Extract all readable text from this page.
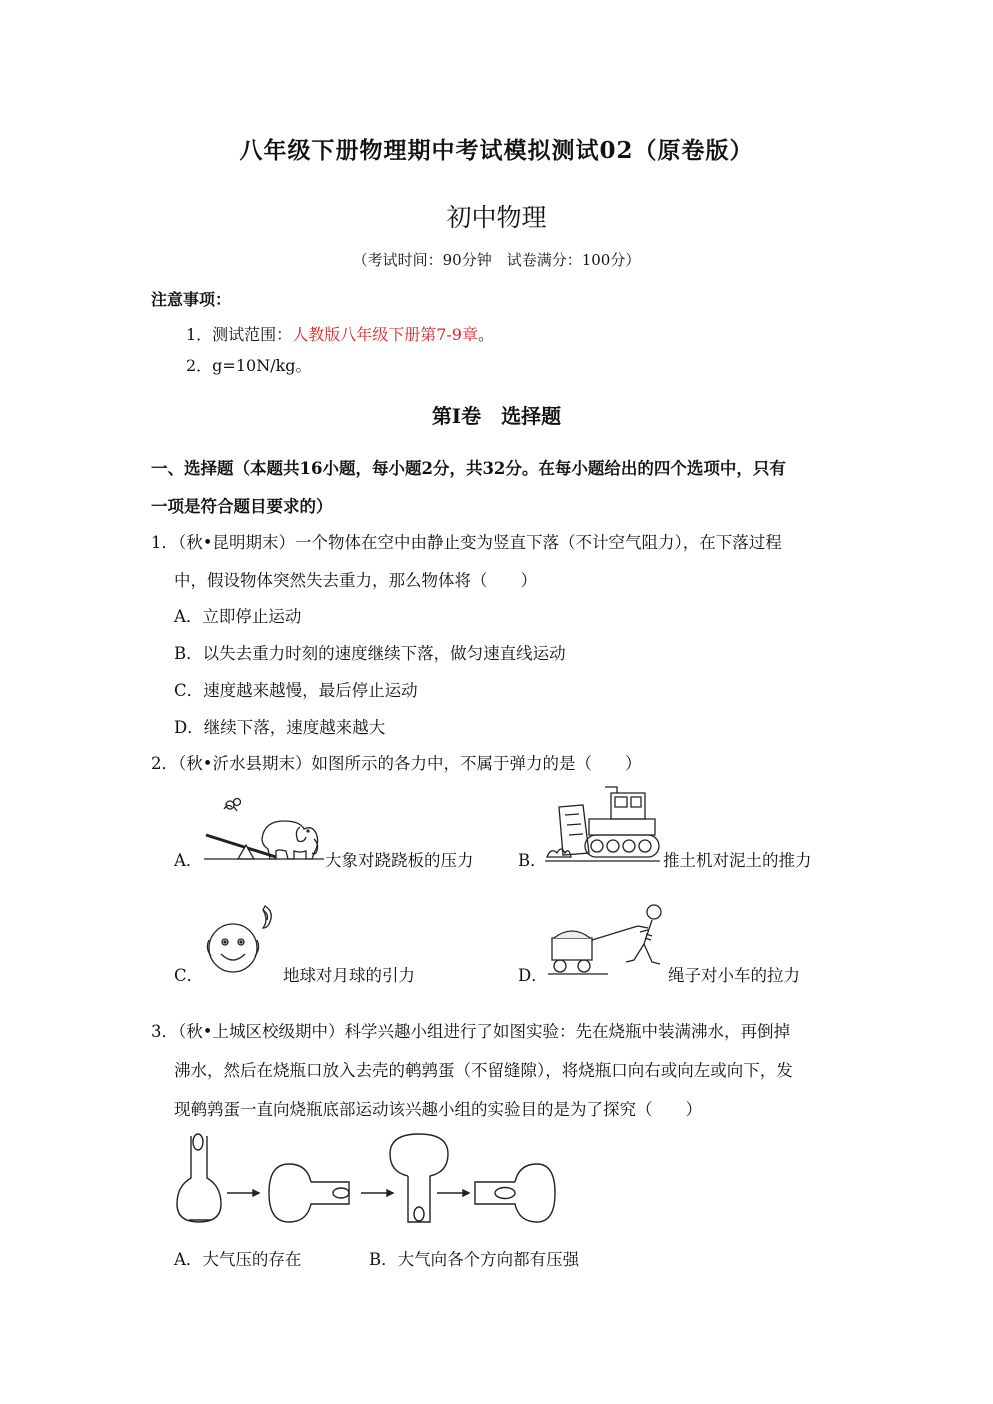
八年级下册物理期中考试模拟测试02（原卷版）
初中物理
（考试时间：90分钟　试卷满分：100分）
注意事项：
1．测试范围：人教版八年级下册第7-9章。
2．g=10N/kg。
第Ⅰ卷　选择题
一、选择题（本题共16小题，每小题2分，共32分。在每小题给出的四个选项中，只有
一项是符合题目要求的）
1．（秋•昆明期末）一个物体在空中由静止变为竖直下落（不计空气阻力），在下落过程
中，假设物体突然失去重力，那么物体将（　　）
A．立即停止运动
B．以失去重力时刻的速度继续下落，做匀速直线运动
C．速度越来越慢，最后停止运动
D．继续下落，速度越来越大
2．（秋•沂水县期末）如图所示的各力中，不属于弹力的是（　　）
A．	大象对跷跷板的压力	B．	推土机对泥土的推力
C．	地球对月球的引力	D．	绳子对小车的拉力
3．（秋•上城区校级期中）科学兴趣小组进行了如图实验：先在烧瓶中装满沸水，再倒掉
沸水，然后在烧瓶口放入去壳的鹌鹑蛋（不留缝隙），将烧瓶口向右或向左或向下，发
现鹌鹑蛋一直向烧瓶底部运动该兴趣小组的实验目的是为了探究（　　）
A．大气压的存在	B．大气向各个方向都有压强
